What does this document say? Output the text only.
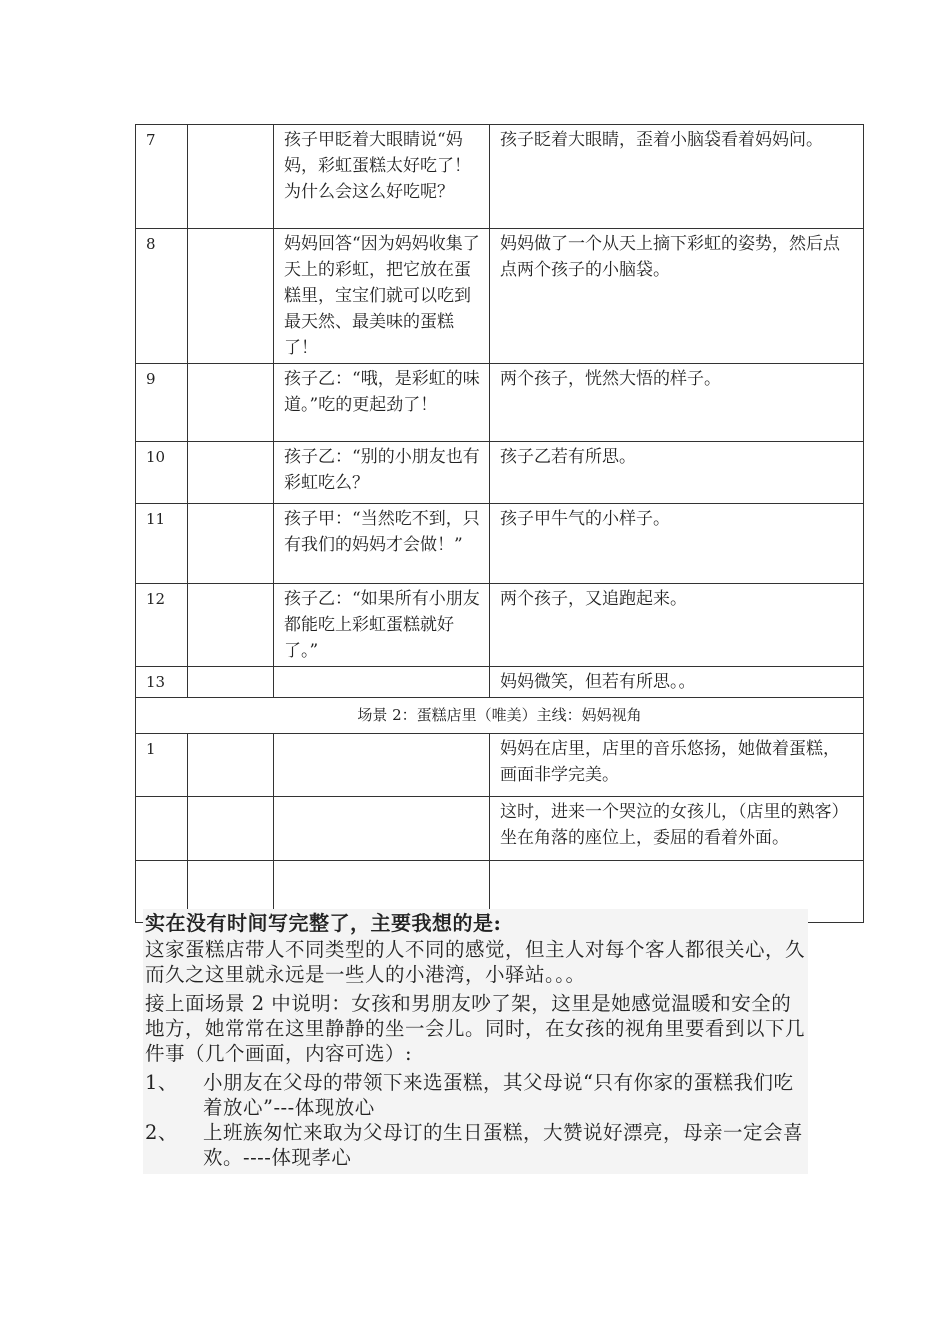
7		孩子甲眨着大眼睛说“妈妈，彩虹蛋糕太好吃了！为什么会这么好吃呢？	孩子眨着大眼睛，歪着小脑袋看着妈妈问。
8		妈妈回答“因为妈妈收集了天上的彩虹，把它放在蛋糕里，宝宝们就可以吃到最天然、最美味的蛋糕了！	妈妈做了一个从天上摘下彩虹的姿势，然后点点两个孩子的小脑袋。
9		孩子乙：“哦，是彩虹的味道。”吃的更起劲了！	两个孩子，恍然大悟的样子。
10		孩子乙：“别的小朋友也有彩虹吃么？	孩子乙若有所思。
11		孩子甲：“当然吃不到，只有我们的妈妈才会做！”	孩子甲牛气的小样子。
12		孩子乙：“如果所有小朋友都能吃上彩虹蛋糕就好了。”	两个孩子，又追跑起来。
13			妈妈微笑，但若有所思。。
场景 2：蛋糕店里（唯美）主线：妈妈视角			
1			妈妈在店里，店里的音乐悠扬，她做着蛋糕，画面非学完美。
			这时，进来一个哭泣的女孩儿，（店里的熟客）坐在角落的座位上，委屈的看着外面。

实在没有时间写完整了，主要我想的是:

这家蛋糕店带人不同类型的人不同的感觉，但主人对每个客人都很关心，久而久之这里就永远是一些人的小港湾，小驿站。。。

接上面场景 2 中说明：女孩和男朋友吵了架，这里是她感觉温暖和安全的地方，她常常在这里静静的坐一会儿。同时，在女孩的视角里要看到以下几件事（几个画面，内容可选）:

1、	小朋友在父母的带领下来选蛋糕，其父母说“只有你家的蛋糕我们吃着放心”---体现放心
2、	上班族匆忙来取为父母订的生日蛋糕，大赞说好漂亮，母亲一定会喜欢。----体现孝心
